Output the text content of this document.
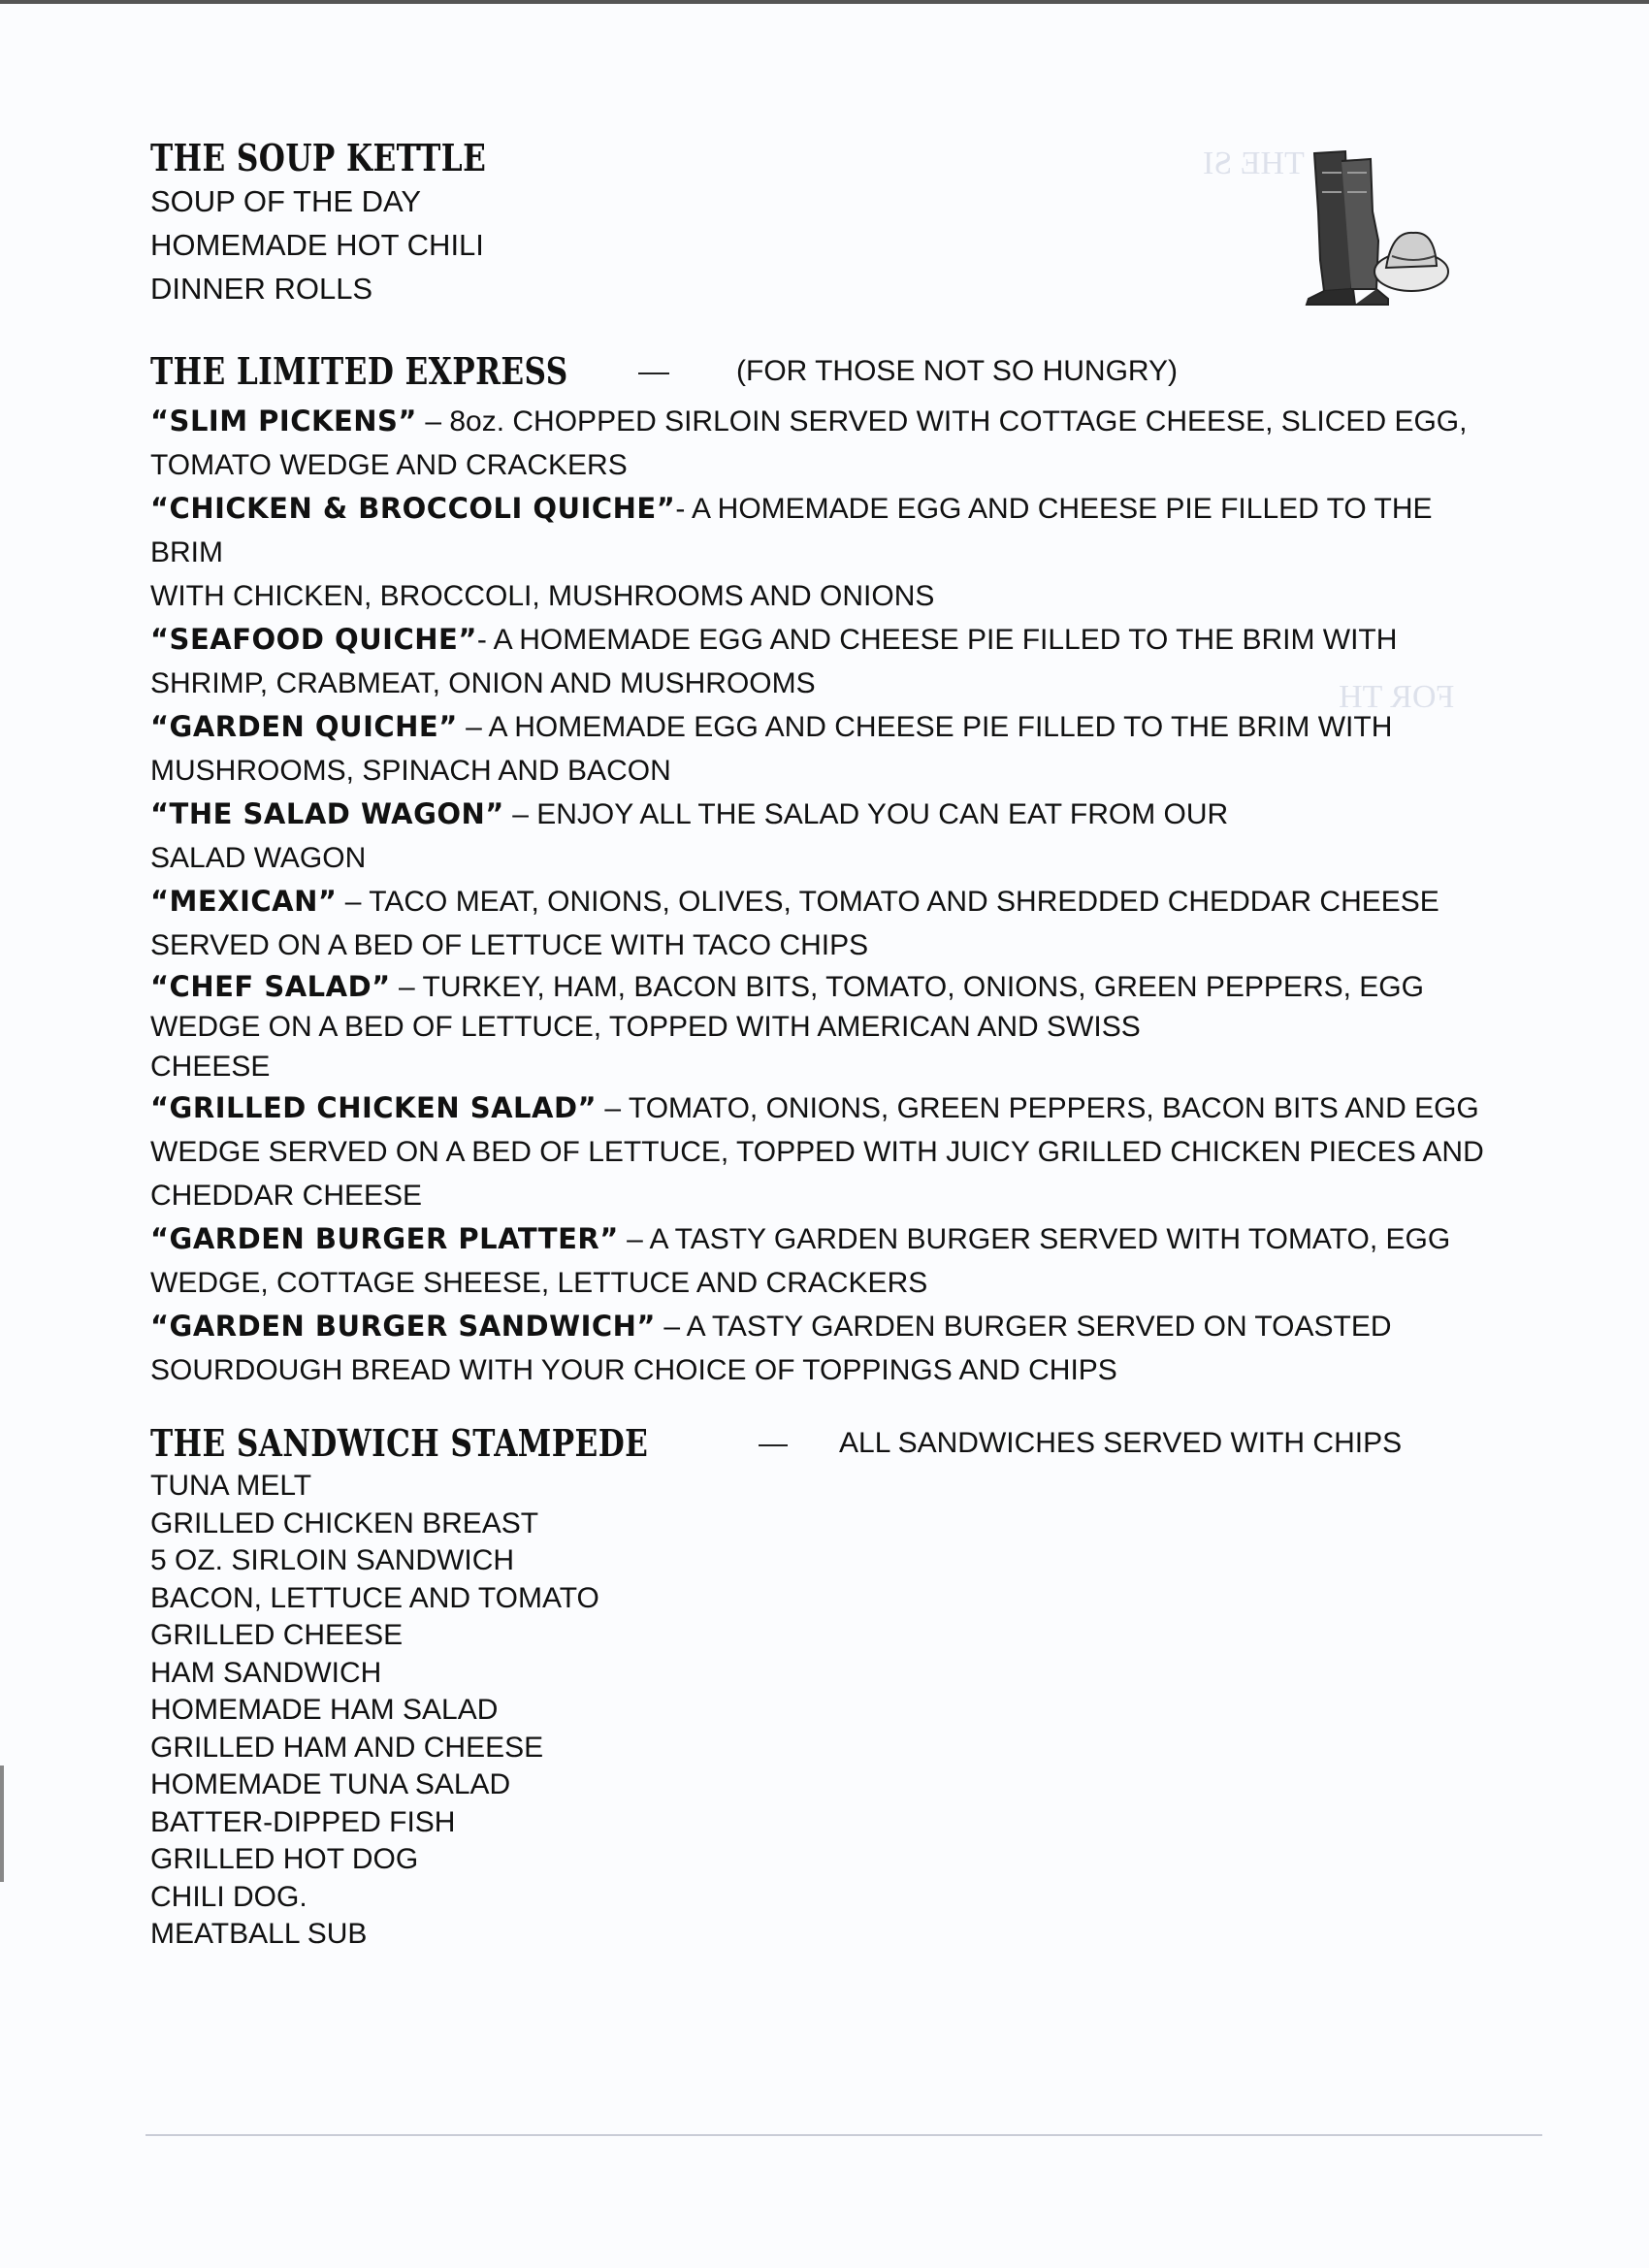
THE SI
FOR TH
THE SOUP KETTLE
SOUP OF THE DAY
HOMEMADE HOT CHILI
DINNER ROLLS
THE LIMITED EXPRESS	(FOR THOSE NOT SO HUNGRY)
“SLIM PICKENS” – 8oz. CHOPPED SIRLOIN SERVED WITH COTTAGE CHEESE, SLICED EGG,
TOMATO WEDGE AND CRACKERS
“CHICKEN & BROCCOLI QUICHE”- A HOMEMADE EGG AND CHEESE PIE FILLED TO THE BRIM
WITH CHICKEN, BROCCOLI, MUSHROOMS AND ONIONS
“SEAFOOD QUICHE”- A HOMEMADE EGG AND CHEESE PIE FILLED TO THE BRIM WITH
SHRIMP, CRABMEAT, ONION AND MUSHROOMS
“GARDEN QUICHE” – A HOMEMADE EGG AND CHEESE PIE FILLED TO THE BRIM WITH
MUSHROOMS, SPINACH AND BACON
“THE SALAD WAGON” – ENJOY ALL THE SALAD YOU CAN EAT FROM OUR
SALAD WAGON
“MEXICAN” – TACO MEAT, ONIONS, OLIVES, TOMATO AND SHREDDED CHEDDAR CHEESE
SERVED ON A BED OF LETTUCE WITH TACO CHIPS
“CHEF SALAD” – TURKEY, HAM, BACON BITS, TOMATO, ONIONS, GREEN PEPPERS, EGG
WEDGE ON A BED OF LETTUCE, TOPPED WITH AMERICAN AND SWISS
CHEESE
“GRILLED CHICKEN SALAD” – TOMATO, ONIONS, GREEN PEPPERS, BACON BITS AND EGG
WEDGE SERVED ON A BED OF LETTUCE, TOPPED WITH JUICY GRILLED CHICKEN PIECES AND
CHEDDAR CHEESE
“GARDEN BURGER PLATTER” – A TASTY GARDEN BURGER SERVED WITH TOMATO, EGG
WEDGE, COTTAGE SHEESE, LETTUCE AND CRACKERS
“GARDEN BURGER SANDWICH” – A TASTY GARDEN BURGER SERVED ON TOASTED
SOURDOUGH BREAD WITH YOUR CHOICE OF TOPPINGS AND CHIPS
THE SANDWICH STAMPEDE	ALL SANDWICHES SERVED WITH CHIPS
TUNA MELT
GRILLED CHICKEN BREAST
5 OZ. SIRLOIN SANDWICH
BACON, LETTUCE AND TOMATO
GRILLED CHEESE
HAM SANDWICH
HOMEMADE HAM SALAD
GRILLED HAM AND CHEESE
HOMEMADE TUNA SALAD
BATTER-DIPPED FISH
GRILLED HOT DOG
CHILI DOG.
MEATBALL SUB
